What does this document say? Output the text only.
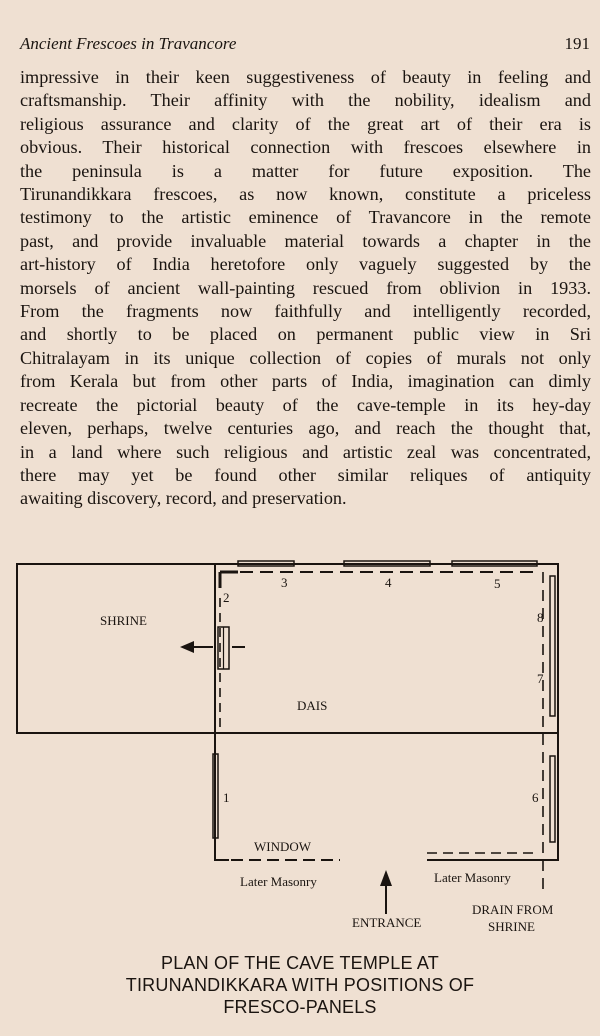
Ancient Frescoes in Travancore	191
impressive in their keen suggestiveness of beauty in feeling and
craftsmanship. Their affinity with the nobility, idealism and
religious assurance and clarity of the great art of their era is
obvious. Their historical connection with frescoes elsewhere in
the peninsula is a matter for future exposition. The
Tirunandikkara frescoes, as now known, constitute a priceless
testimony to the artistic eminence of Travancore in the remote
past, and provide invaluable material towards a chapter in the
art-history of India heretofore only vaguely suggested by the
morsels of ancient wall-painting rescued from oblivion in 1933.
From the fragments now faithfully and intelligently recorded,
and shortly to be placed on permanent public view in Sri
Chitralayam in its unique collection of copies of murals not only
from Kerala but from other parts of India, imagination can dimly
recreate the pictorial beauty of the cave-temple in its hey-day
eleven, perhaps, twelve centuries ago, and reach the thought that,
in a land where such religious and artistic zeal was concentrated,
there may yet be found other similar reliques of antiquity
awaiting discovery, record, and preservation.
SHRINE
DAIS
WINDOW
Later Masonry	Later Masonry
ENTRANCE
DRAIN FROM
SHRINE
1
2
3	4	5
6
7
8
PLAN OF THE CAVE TEMPLE AT
TIRUNANDIKKARA WITH POSITIONS OF
FRESCO-PANELS
